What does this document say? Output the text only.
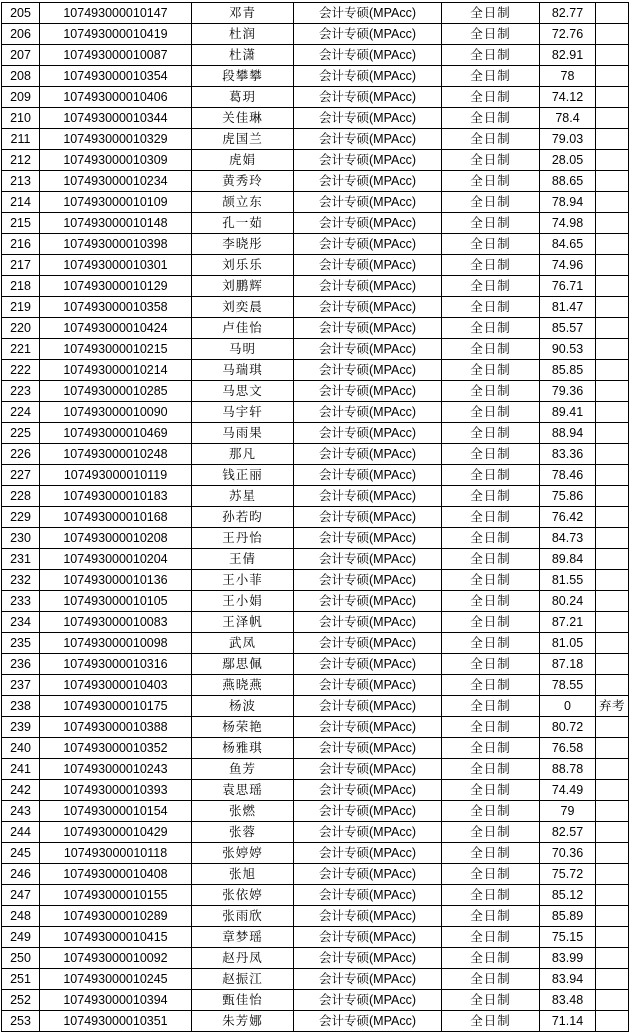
205	107493000010147	邓青	会计专硕(MPAcc)	全日制	82.77	
206	107493000010419	杜润	会计专硕(MPAcc)	全日制	72.76	
207	107493000010087	杜潇	会计专硕(MPAcc)	全日制	82.91	
208	107493000010354	段攀攀	会计专硕(MPAcc)	全日制	78	
209	107493000010406	葛玥	会计专硕(MPAcc)	全日制	74.12	
210	107493000010344	关佳琳	会计专硕(MPAcc)	全日制	78.4	
211	107493000010329	虎国兰	会计专硕(MPAcc)	全日制	79.03	
212	107493000010309	虎娟	会计专硕(MPAcc)	全日制	28.05	
213	107493000010234	黄秀玲	会计专硕(MPAcc)	全日制	88.65	
214	107493000010109	颉立东	会计专硕(MPAcc)	全日制	78.94	
215	107493000010148	孔一茹	会计专硕(MPAcc)	全日制	74.98	
216	107493000010398	李晓彤	会计专硕(MPAcc)	全日制	84.65	
217	107493000010301	刘乐乐	会计专硕(MPAcc)	全日制	74.96	
218	107493000010129	刘鹏辉	会计专硕(MPAcc)	全日制	76.71	
219	107493000010358	刘奕晨	会计专硕(MPAcc)	全日制	81.47	
220	107493000010424	卢佳怡	会计专硕(MPAcc)	全日制	85.57	
221	107493000010215	马明	会计专硕(MPAcc)	全日制	90.53	
222	107493000010214	马瑞琪	会计专硕(MPAcc)	全日制	85.85	
223	107493000010285	马思文	会计专硕(MPAcc)	全日制	79.36	
224	107493000010090	马宇轩	会计专硕(MPAcc)	全日制	89.41	
225	107493000010469	马雨果	会计专硕(MPAcc)	全日制	88.94	
226	107493000010248	那凡	会计专硕(MPAcc)	全日制	83.36	
227	107493000010119	钱正丽	会计专硕(MPAcc)	全日制	78.46	
228	107493000010183	苏星	会计专硕(MPAcc)	全日制	75.86	
229	107493000010168	孙若昀	会计专硕(MPAcc)	全日制	76.42	
230	107493000010208	王丹怡	会计专硕(MPAcc)	全日制	84.73	
231	107493000010204	王倩	会计专硕(MPAcc)	全日制	89.84	
232	107493000010136	王小菲	会计专硕(MPAcc)	全日制	81.55	
233	107493000010105	王小娟	会计专硕(MPAcc)	全日制	80.24	
234	107493000010083	王泽帆	会计专硕(MPAcc)	全日制	87.21	
235	107493000010098	武凤	会计专硕(MPAcc)	全日制	81.05	
236	107493000010316	鄢思佩	会计专硕(MPAcc)	全日制	87.18	
237	107493000010403	燕晓燕	会计专硕(MPAcc)	全日制	78.55	
238	107493000010175	杨波	会计专硕(MPAcc)	全日制	0	弃考
239	107493000010388	杨荣艳	会计专硕(MPAcc)	全日制	80.72	
240	107493000010352	杨雅琪	会计专硕(MPAcc)	全日制	76.58	
241	107493000010243	鱼芳	会计专硕(MPAcc)	全日制	88.78	
242	107493000010393	袁思瑶	会计专硕(MPAcc)	全日制	74.49	
243	107493000010154	张燃	会计专硕(MPAcc)	全日制	79	
244	107493000010429	张蓉	会计专硕(MPAcc)	全日制	82.57	
245	107493000010118	张婷婷	会计专硕(MPAcc)	全日制	70.36	
246	107493000010408	张旭	会计专硕(MPAcc)	全日制	75.72	
247	107493000010155	张依婷	会计专硕(MPAcc)	全日制	85.12	
248	107493000010289	张雨欣	会计专硕(MPAcc)	全日制	85.89	
249	107493000010415	章梦瑶	会计专硕(MPAcc)	全日制	75.15	
250	107493000010092	赵丹凤	会计专硕(MPAcc)	全日制	83.99	
251	107493000010245	赵振江	会计专硕(MPAcc)	全日制	83.94	
252	107493000010394	甄佳怡	会计专硕(MPAcc)	全日制	83.48	
253	107493000010351	朱芳娜	会计专硕(MPAcc)	全日制	71.14	
